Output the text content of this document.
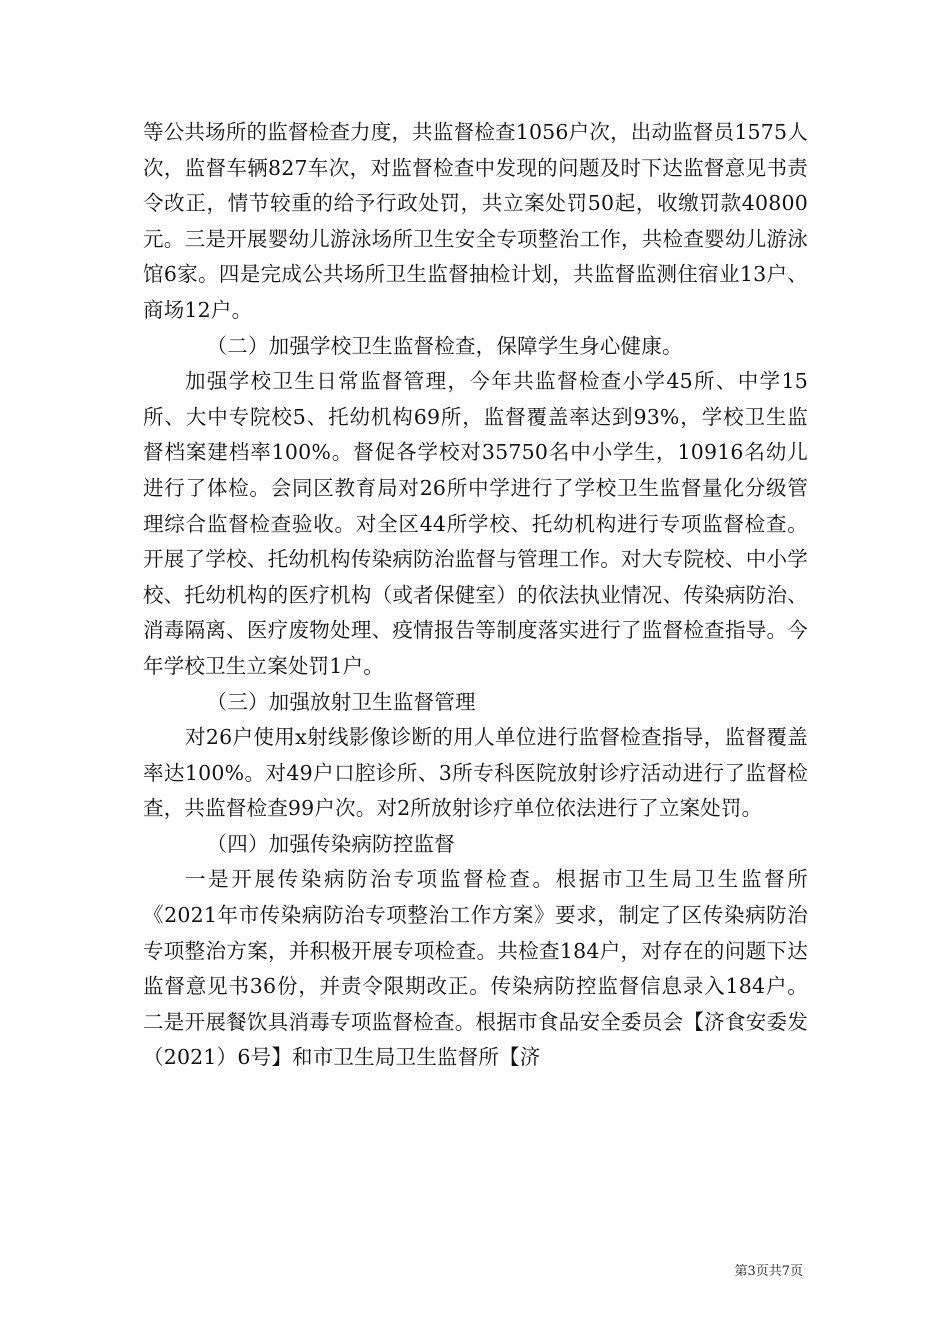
等公共场所的监督检查力度，共监督检查1056户次，出动监督员1575人次，监督车辆827车次，对监督检查中发现的问题及时下达监督意见书责令改正，情节较重的给予行政处罚，共立案处罚50起，收缴罚款40800元。三是开展婴幼儿游泳场所卫生安全专项整治工作，共检查婴幼儿游泳馆6家。四是完成公共场所卫生监督抽检计划，共监督监测住宿业13户、商场12户。

（二）加强学校卫生监督检查，保障学生身心健康。

加强学校卫生日常监督管理，今年共监督检查小学45所、中学15所、大中专院校5、托幼机构69所，监督覆盖率达到93%，学校卫生监督档案建档率100%。督促各学校对35750名中小学生，10916名幼儿进行了体检。会同区教育局对26所中学进行了学校卫生监督量化分级管理综合监督检查验收。对全区44所学校、托幼机构进行专项监督检查。开展了学校、托幼机构传染病防治监督与管理工作。对大专院校、中小学校、托幼机构的医疗机构（或者保健室）的依法执业情况、传染病防治、消毒隔离、医疗废物处理、疫情报告等制度落实进行了监督检查指导。今年学校卫生立案处罚1户。

（三）加强放射卫生监督管理

对26户使用x射线影像诊断的用人单位进行监督检查指导，监督覆盖率达100%。对49户口腔诊所、3所专科医院放射诊疗活动进行了监督检查，共监督检查99户次。对2所放射诊疗单位依法进行了立案处罚。

（四）加强传染病防控监督

一是开展传染病防治专项监督检查。根据市卫生局卫生监督所《2021年市传染病防治专项整治工作方案》要求，制定了区传染病防治专项整治方案，并积极开展专项检查。共检查184户，对存在的问题下达监督意见书36份，并责令限期改正。传染病防控监督信息录入184户。二是开展餐饮具消毒专项监督检查。根据市食品安全委员会【济食安委发（2021）6号】和市卫生局卫生监督所【济

第3页共7页
